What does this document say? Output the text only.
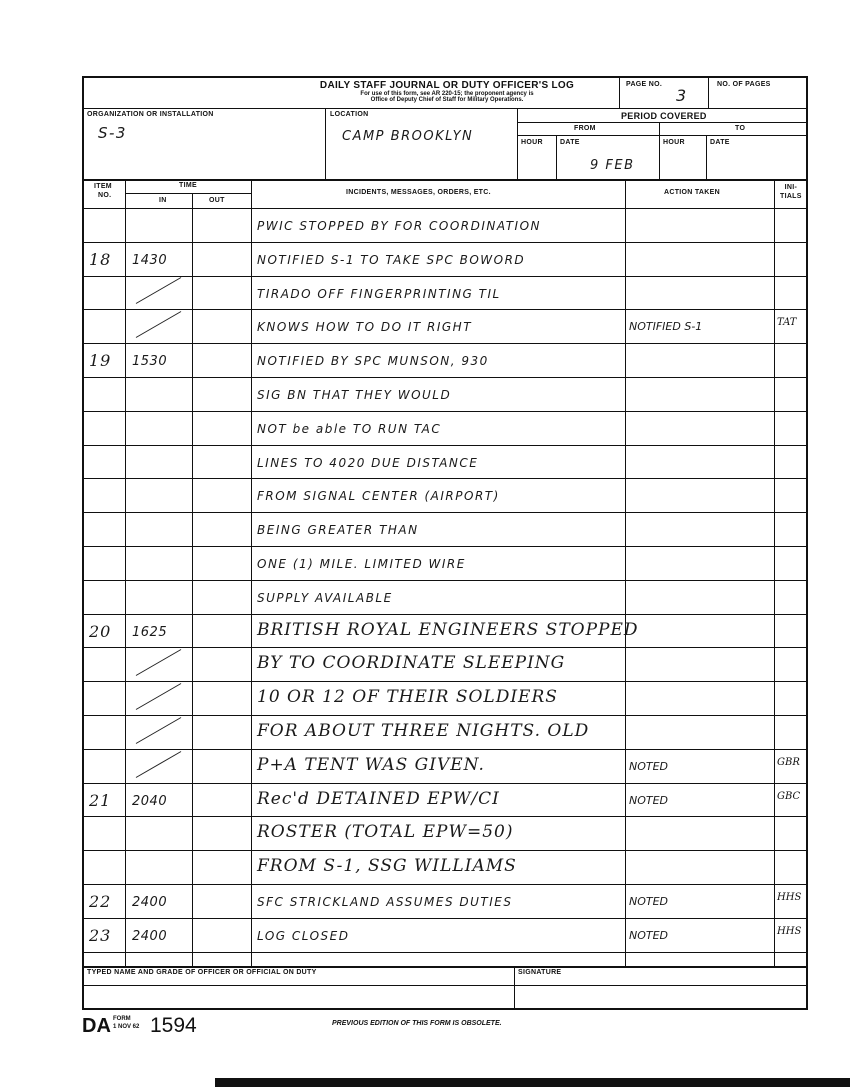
DAILY STAFF JOURNAL OR DUTY OFFICER'S LOG
For use of this form, see AR 220-15; the proponent agency is
Office of Deputy Chief of Staff for Military Operations.
PAGE NO.
3
NO. OF PAGES
ORGANIZATION OR INSTALLATION
S-3
LOCATION
CAMP BROOKLYN
PERIOD COVERED
FROM	TO
HOUR DATE
9 FEB
HOUR	DATE
ITEM
NO.
TIME
IN	OUT
INCIDENTS, MESSAGES, ORDERS, ETC.	ACTION TAKEN
INI-
TIALS
PWIC STOPPED BY FOR COORDINATION
18 1430	NOTIFIED S-1 TO TAKE SPC BOWORD
TIRADO OFF FINGERPRINTING TIL
KNOWS HOW TO DO IT RIGHT	NOTIFIED S-1	TAT
19 1530	NOTIFIED BY SPC MUNSON, 930
SIG BN THAT THEY WOULD
NOT be able TO RUN TAC
LINES TO 4020 DUE DISTANCE
FROM SIGNAL CENTER (AIRPORT)
BEING GREATER THAN
ONE (1) MILE. LIMITED WIRE
SUPPLY AVAILABLE
20 1625	BRITISH ROYAL ENGINEERS STOPPED
BY TO COORDINATE SLEEPING
10 OR 12 OF THEIR SOLDIERS
FOR ABOUT THREE NIGHTS. OLD
P+A TENT WAS GIVEN.	NOTED	GBR
21 2040	Rec'd DETAINED EPW/CI	NOTED	GBC
ROSTER (TOTAL EPW=50)
FROM S-1, SSG WILLIAMS
22 2400	SFC STRICKLAND ASSUMES DUTIES	NOTED	HHS
23 2400	LOG CLOSED	NOTED	HHS
TYPED NAME AND GRADE OF OFFICER OR OFFICIAL ON DUTY	SIGNATURE
DA FORM
1 NOV 62 1594	PREVIOUS EDITION OF THIS FORM IS OBSOLETE.
